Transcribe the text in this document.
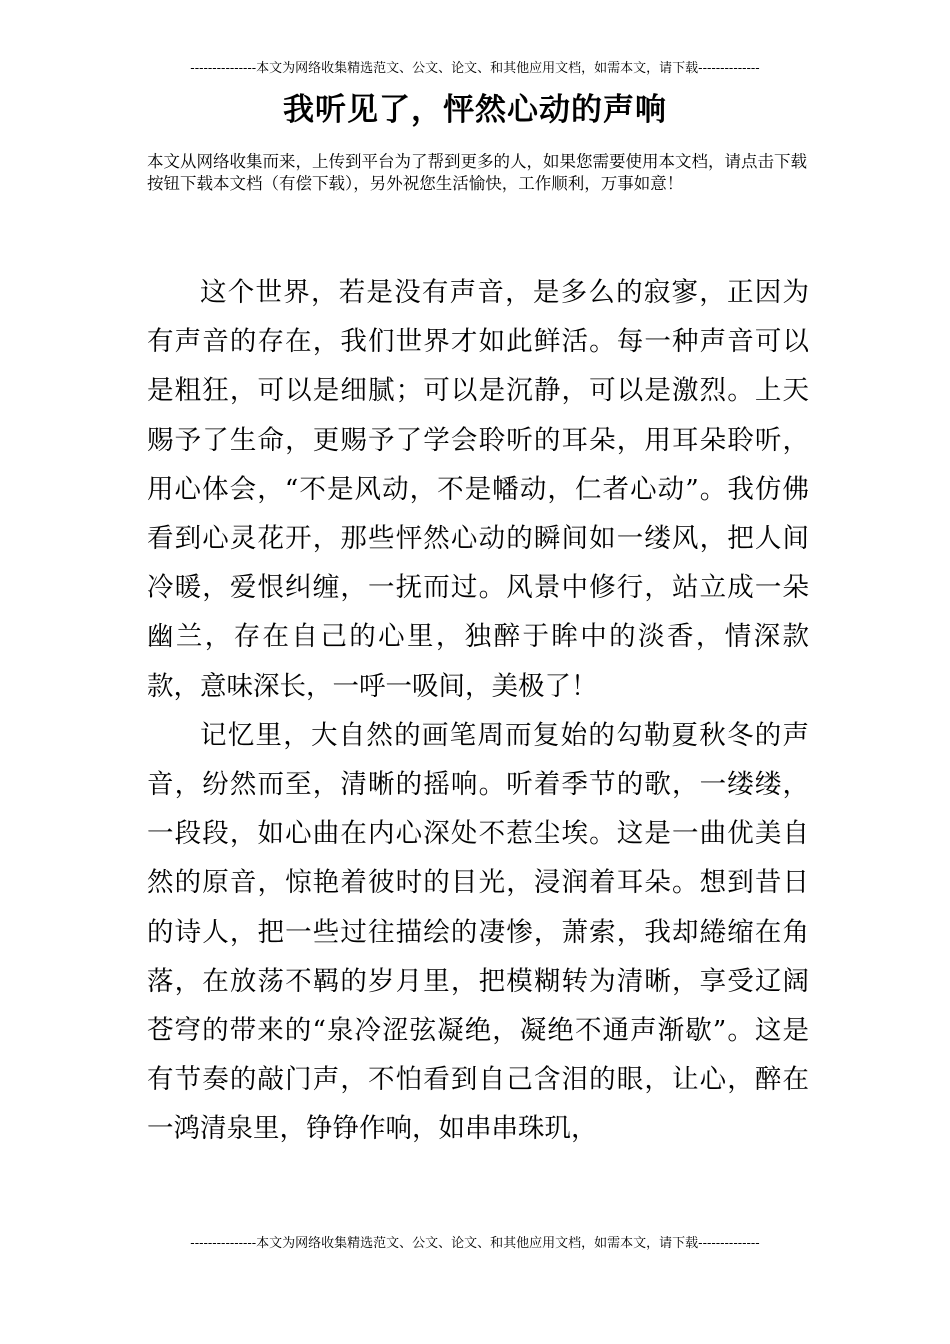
---------------本文为网络收集精选范文、公文、论文、和其他应用文档，如需本文，请下载--------------
我听见了，怦然心动的声响
本文从网络收集而来，上传到平台为了帮到更多的人，如果您需要使用本文档，请点击下载按钮下载本文档（有偿下载），另外祝您生活愉快，工作顺利，万事如意！

这个世界，若是没有声音，是多么的寂寥，正因为有声音的存在，我们世界才如此鲜活。每一种声音可以是粗狂，可以是细腻；可以是沉静，可以是激烈。上天赐予了生命，更赐予了学会聆听的耳朵，用耳朵聆听，用心体会，“不是风动，不是幡动，仁者心动”。我仿佛看到心灵花开，那些怦然心动的瞬间如一缕风，把人间冷暖，爱恨纠缠，一抚而过。风景中修行，站立成一朵幽兰，存在自己的心里，独醉于眸中的淡香，情深款款，意味深长，一呼一吸间，美极了！

记忆里，大自然的画笔周而复始的勾勒夏秋冬的声音，纷然而至，清晰的摇响。听着季节的歌，一缕缕，一段段，如心曲在内心深处不惹尘埃。这是一曲优美自然的原音，惊艳着彼时的目光，浸润着耳朵。想到昔日的诗人，把一些过往描绘的凄惨，萧索，我却綣缩在角落，在放荡不羁的岁月里，把模糊转为清晰，享受辽阔苍穹的带来的“泉冷涩弦凝绝，凝绝不通声渐歇”。这是有节奏的敲门声，不怕看到自己含泪的眼，让心，醉在一鸿清泉里，铮铮作响，如串串珠玑，

---------------本文为网络收集精选范文、公文、论文、和其他应用文档，如需本文，请下载--------------
